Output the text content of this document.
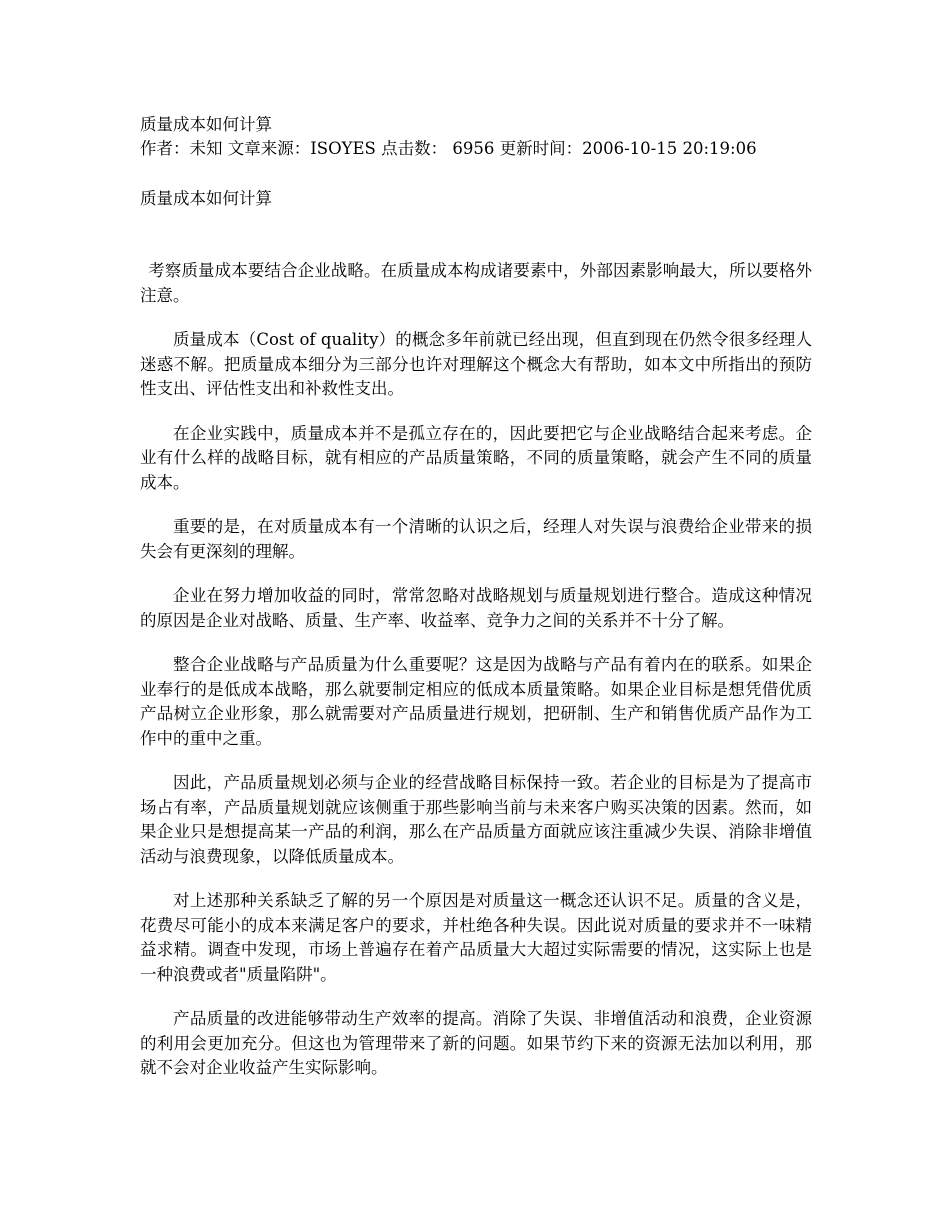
质量成本如何计算

作者：未知 文章来源：ISOYES 点击数： 6956 更新时间：2006-10-15 20:19:06

质量成本如何计算

考察质量成本要结合企业战略。在质量成本构成诸要素中，外部因素影响最大，所以要格外注意。

质量成本（Cost of quality）的概念多年前就已经出现，但直到现在仍然令很多经理人迷惑不解。把质量成本细分为三部分也许对理解这个概念大有帮助，如本文中所指出的预防性支出、评估性支出和补救性支出。

在企业实践中，质量成本并不是孤立存在的，因此要把它与企业战略结合起来考虑。企业有什么样的战略目标，就有相应的产品质量策略，不同的质量策略，就会产生不同的质量成本。

重要的是，在对质量成本有一个清晰的认识之后，经理人对失误与浪费给企业带来的损失会有更深刻的理解。

企业在努力增加收益的同时，常常忽略对战略规划与质量规划进行整合。造成这种情况的原因是企业对战略、质量、生产率、收益率、竞争力之间的关系并不十分了解。

整合企业战略与产品质量为什么重要呢？这是因为战略与产品有着内在的联系。如果企业奉行的是低成本战略，那么就要制定相应的低成本质量策略。如果企业目标是想凭借优质产品树立企业形象，那么就需要对产品质量进行规划，把研制、生产和销售优质产品作为工作中的重中之重。

因此，产品质量规划必须与企业的经营战略目标保持一致。若企业的目标是为了提高市场占有率，产品质量规划就应该侧重于那些影响当前与未来客户购买决策的因素。然而，如果企业只是想提高某一产品的利润，那么在产品质量方面就应该注重减少失误、消除非增值活动与浪费现象，以降低质量成本。

对上述那种关系缺乏了解的另一个原因是对质量这一概念还认识不足。质量的含义是，花费尽可能小的成本来满足客户的要求，并杜绝各种失误。因此说对质量的要求并不一味精益求精。调查中发现，市场上普遍存在着产品质量大大超过实际需要的情况，这实际上也是一种浪费或者"质量陷阱"。

产品质量的改进能够带动生产效率的提高。消除了失误、非增值活动和浪费，企业资源的利用会更加充分。但这也为管理带来了新的问题。如果节约下来的资源无法加以利用，那就不会对企业收益产生实际影响。
